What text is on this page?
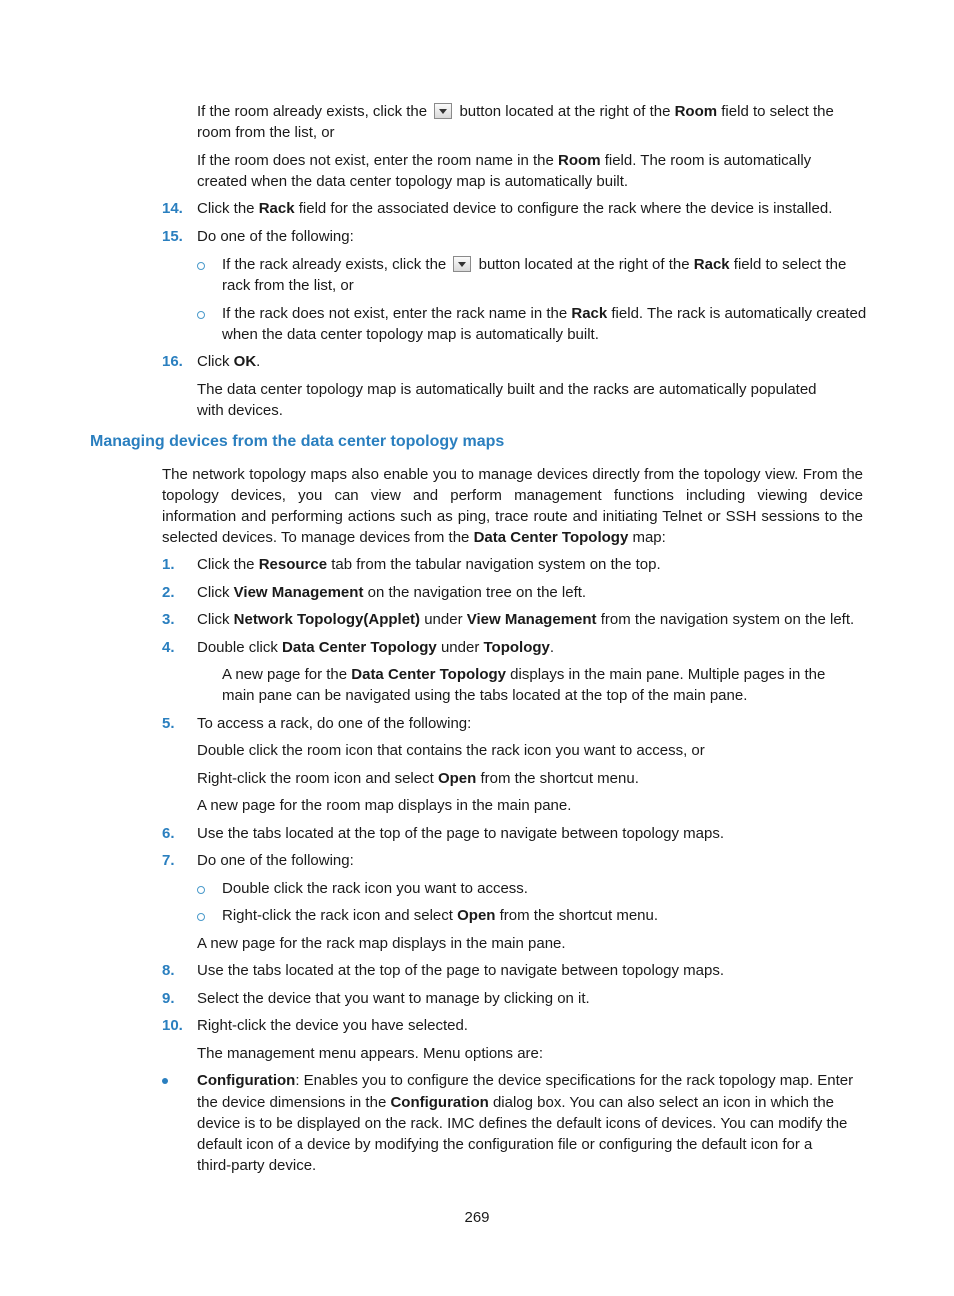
If the room already exists, click the button located at the right of the Room field to select the
room from the list, or
If the room does not exist, enter the room name in the Room field. The room is automatically
created when the data center topology map is automatically built.
14. Click the Rack field for the associated device to configure the rack where the device is installed.
15. Do one of the following:
If the rack already exists, click the button located at the right of the Rack field to select the
rack from the list, or
If the rack does not exist, enter the rack name in the Rack field. The rack is automatically created
when the data center topology map is automatically built.
16. Click OK.
The data center topology map is automatically built and the racks are automatically populated
with devices.
Managing devices from the data center topology maps
The network topology maps also enable you to manage devices directly from the topology view. From the
topology devices, you can view and perform management functions including viewing device
information and performing actions such as ping, trace route and initiating Telnet or SSH sessions to the
selected devices. To manage devices from the Data Center Topology map:
1. Click the Resource tab from the tabular navigation system on the top.
2. Click View Management on the navigation tree on the left.
3. Click Network Topology(Applet) under View Management from the navigation system on the left.
4. Double click Data Center Topology under Topology.
A new page for the Data Center Topology displays in the main pane. Multiple pages in the
main pane can be navigated using the tabs located at the top of the main pane.
5. To access a rack, do one of the following:
Double click the room icon that contains the rack icon you want to access, or
Right-click the room icon and select Open from the shortcut menu.
A new page for the room map displays in the main pane.
6. Use the tabs located at the top of the page to navigate between topology maps.
7. Do one of the following:
Double click the rack icon you want to access.
Right-click the rack icon and select Open from the shortcut menu.
A new page for the rack map displays in the main pane.
8. Use the tabs located at the top of the page to navigate between topology maps.
9. Select the device that you want to manage by clicking on it.
10. Right-click the device you have selected.
The management menu appears. Menu options are:
Configuration: Enables you to configure the device specifications for the rack topology map. Enter
the device dimensions in the Configuration dialog box. You can also select an icon in which the
device is to be displayed on the rack. IMC defines the default icons of devices. You can modify the
default icon of a device by modifying the configuration file or configuring the default icon for a
third-party device.
269
